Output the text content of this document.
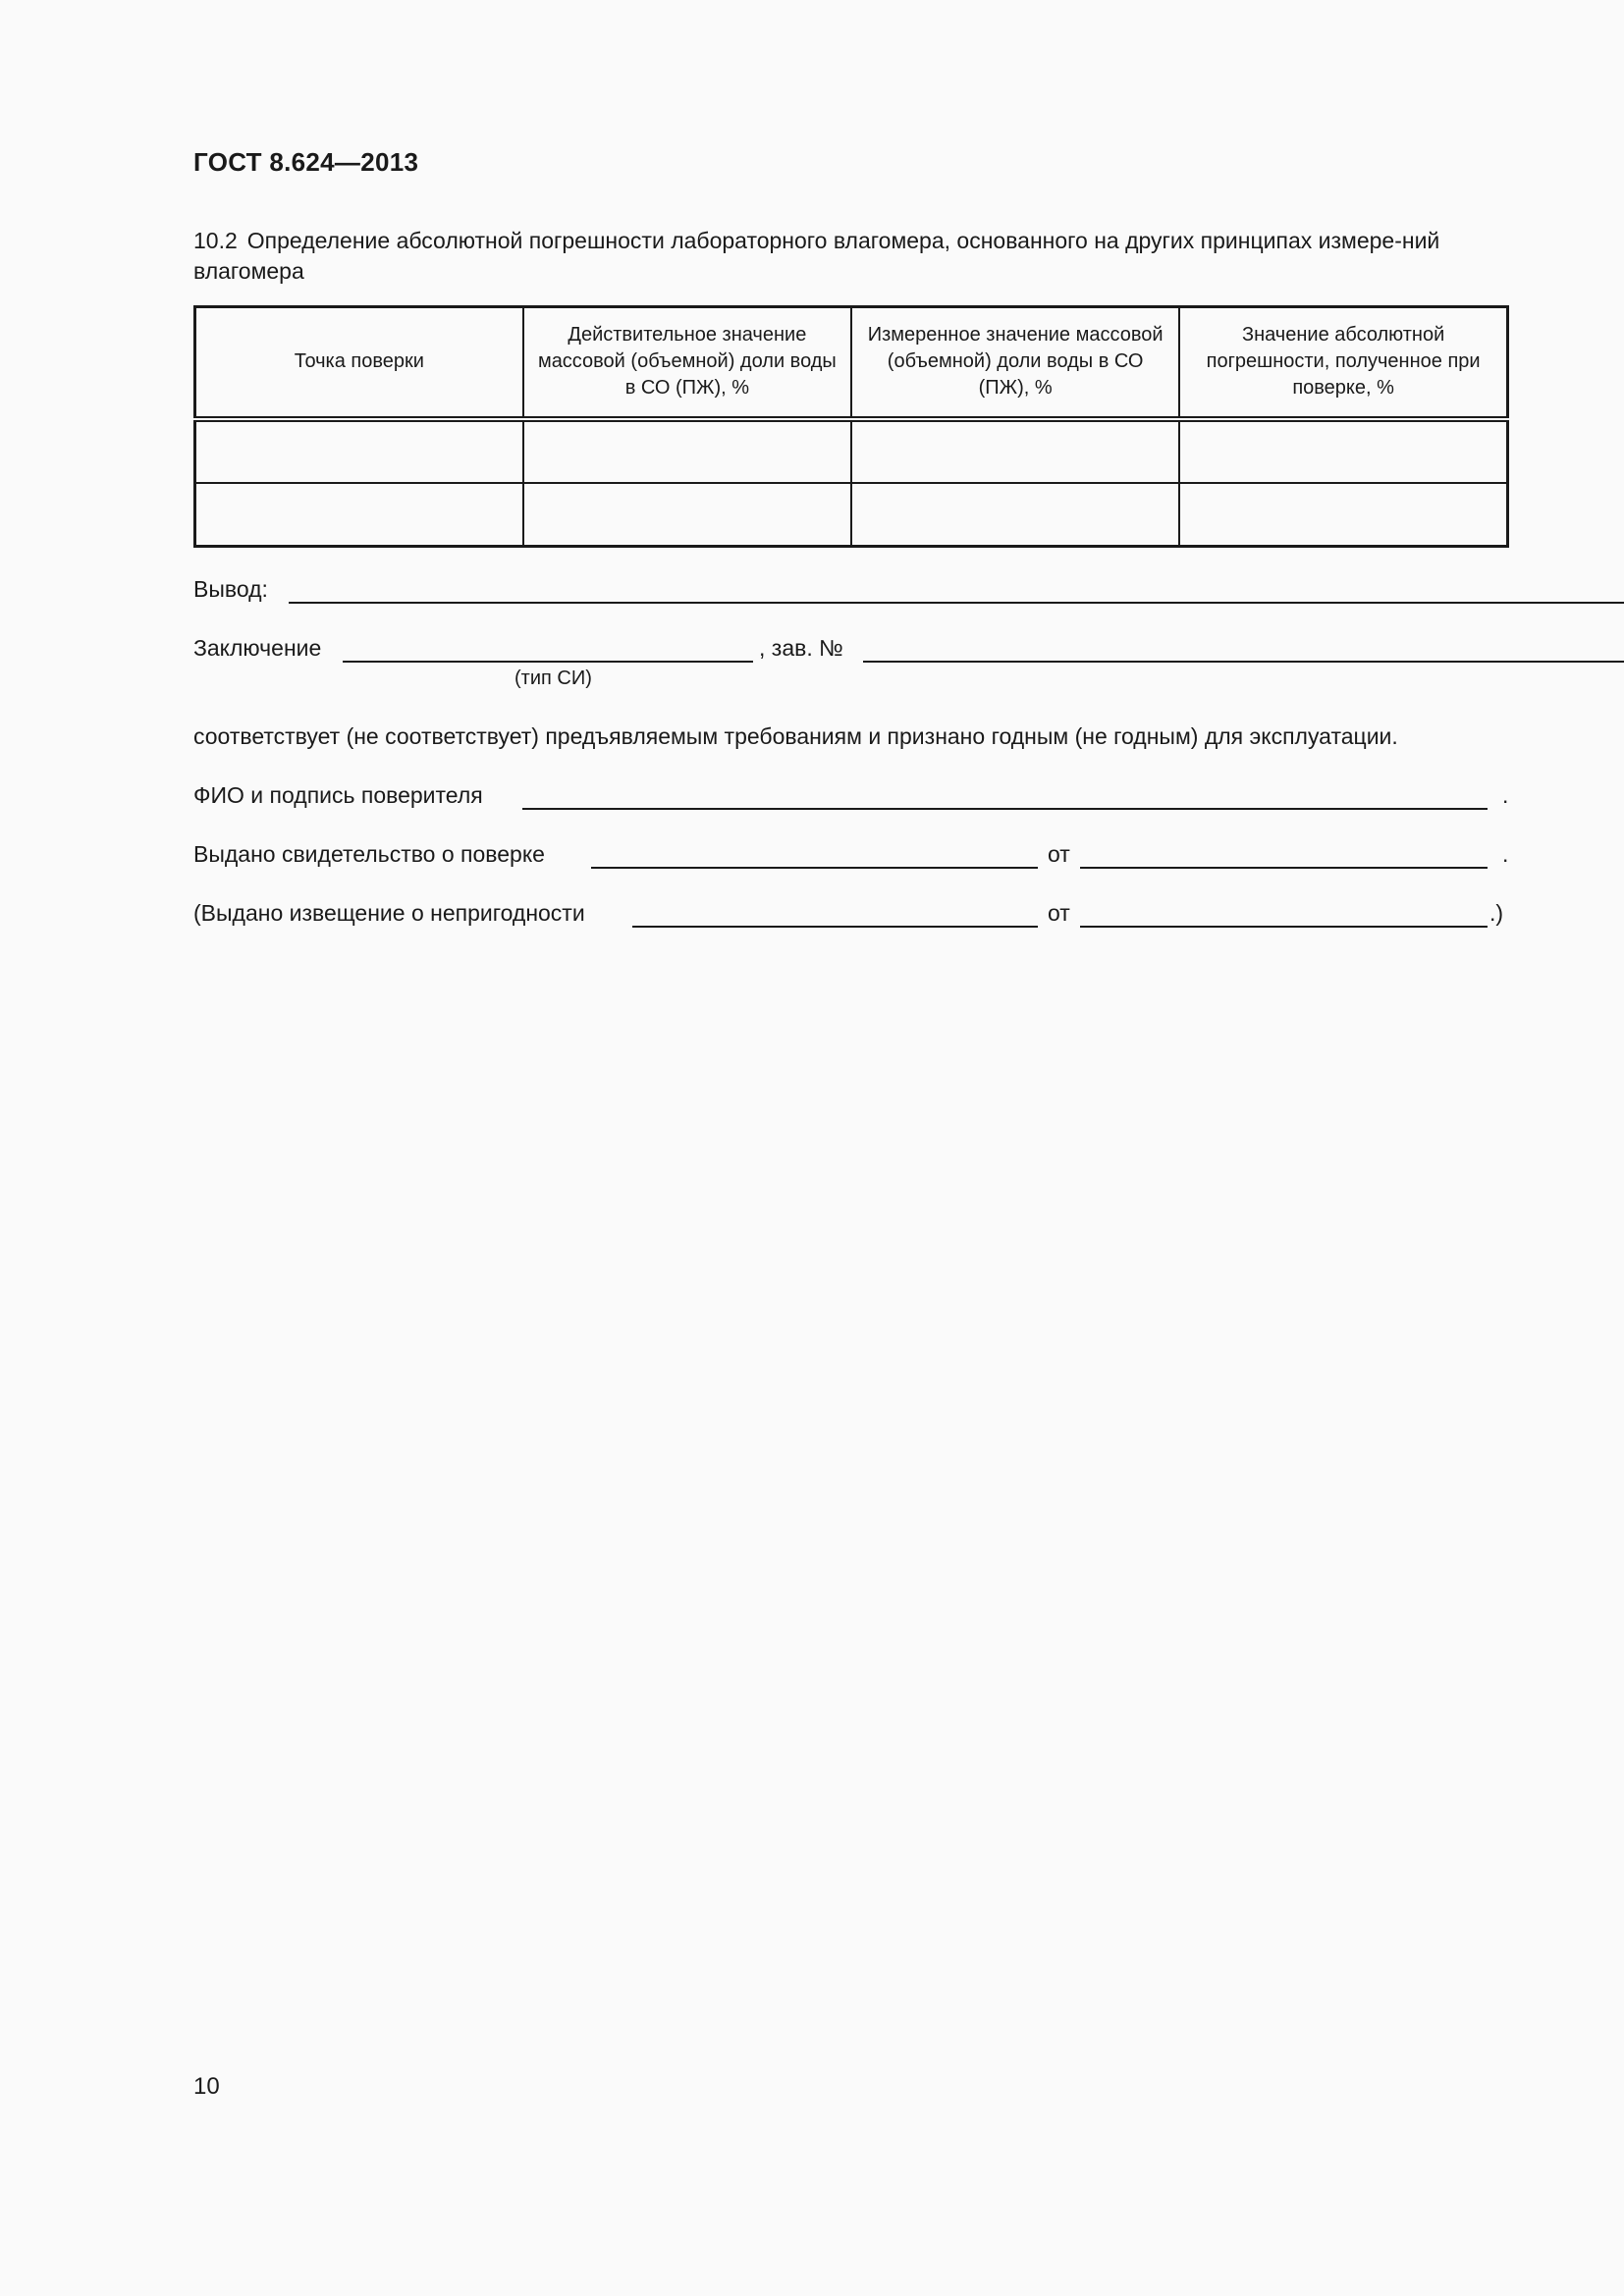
ГОСТ 8.624—2013
10.2 Определение абсолютной погрешности лабораторного влагомера, основанного на других принципах измере-ний влагомера
Точка поверки	Действительное значение массовой (объемной) доли воды в СО (ПЖ), %	Измеренное значение массовой (объемной) доли воды в СО (ПЖ), %	Значение абсолютной погрешности, полученное при поверке, %

Вывод:
Заключение	, зав. №
(тип СИ)
соответствует (не соответствует) предъявляемым требованиям и признано годным (не годным) для эксплуатации.
ФИО и подпись поверителя	.
Выдано свидетельство о поверке	от	.
(Выдано извещение о непригодности	от	.)
10
